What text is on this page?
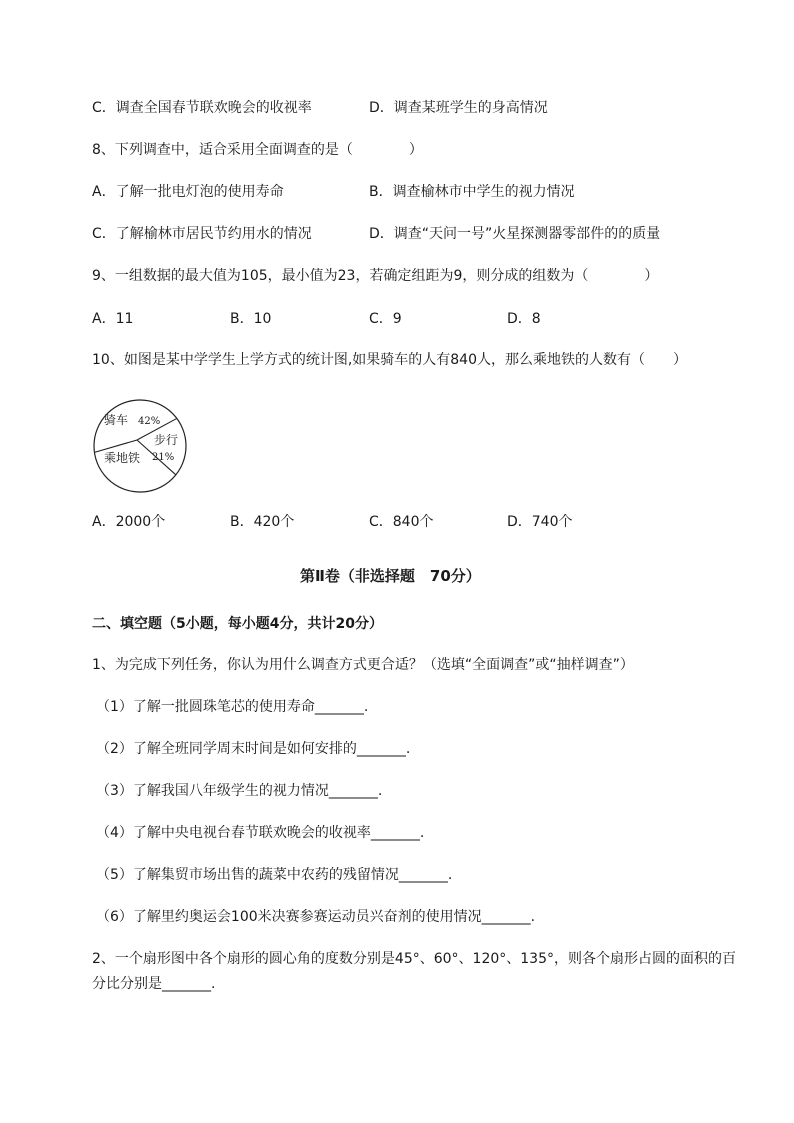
C．调查全国春节联欢晚会的收视率	D．调查某班学生的身高情况
8、下列调查中，适合采用全面调查的是（　　　　）
A．了解一批电灯泡的使用寿命	B．调查榆林市中学生的视力情况
C．了解榆林市居民节约用水的情况	D．调查“天问一号”火星探测器零部件的的质量
9、一组数据的最大值为105，最小值为23，若确定组距为9，则分成的组数为（　　　　）
A．11	B．10	C．9	D．8
10、如图是某中学学生上学方式的统计图,如果骑车的人有840人，那么乘地铁的人数有（　　）
骑车 42%
步行
21%
乘地铁
A．2000个	B．420个	C．840个	D．740个
第Ⅱ卷（非选择题　70分）
二、填空题（5小题，每小题4分，共计20分）
1、为完成下列任务，你认为用什么调查方式更合适？（选填“全面调查”或“抽样调查”）
（1）了解一批圆珠笔芯的使用寿命_______.
（2）了解全班同学周末时间是如何安排的_______.
（3）了解我国八年级学生的视力情况_______.
（4）了解中央电视台春节联欢晚会的收视率_______.
（5）了解集贸市场出售的蔬菜中农药的残留情况_______.
（6）了解里约奥运会100米决赛参赛运动员兴奋剂的使用情况_______.
2、一个扇形图中各个扇形的圆心角的度数分别是45°、60°、120°、135°，则各个扇形占圆的面积的百
分比分别是_______.
